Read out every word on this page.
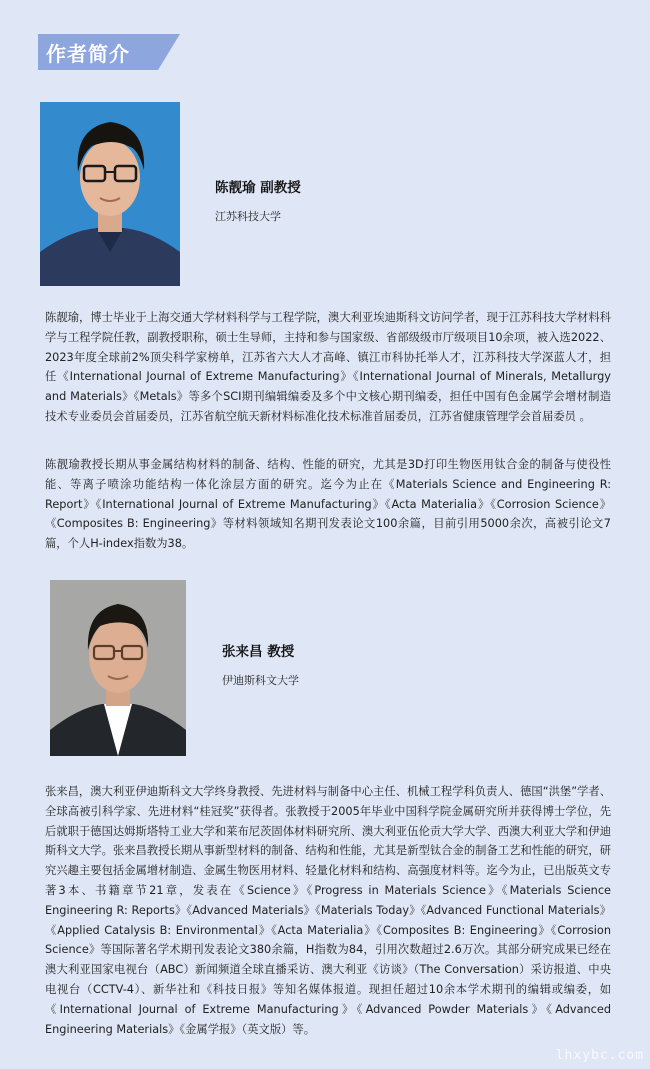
作者简介
陈靓瑜 副教授
江苏科技大学

陈靓瑜，博士毕业于上海交通大学材料科学与工程学院，澳大利亚埃迪斯科文访问学者，现于江苏科技大学材料科学与工程学院任教，副教授职称，硕士生导师，主持和参与国家级、省部级级市厅级项目10余项，被入选2022、2023年度全球前2%顶尖科学家榜单，江苏省六大人才高峰、镇江市科协托举人才，江苏科技大学深蓝人才，担任《International Journal of Extreme Manufacturing》《International Journal of Minerals, Metallurgy and Materials》《Metals》等多个SCI期刊编辑编委及多个中文核心期刊编委，担任中国有色金属学会增材制造技术专业委员会首届委员，江苏省航空航天新材料标准化技术标准首届委员，江苏省健康管理学会首届委员 。

陈靓瑜教授长期从事金属结构材料的制备、结构、性能的研究，尤其是3D打印生物医用钛合金的制备与使役性能、等离子喷涂功能结构一体化涂层方面的研究。迄今为止在《Materials Science and Engineering R: Report》《International Journal of Extreme Manufacturing》《Acta Materialia》《Corrosion Science》《Composites B: Engineering》等材料领域知名期刊发表论文100余篇，目前引用5000余次，高被引论文7篇，个人H-index指数为38。

张来昌 教授
伊迪斯科文大学

张来昌，澳大利亚伊迪斯科文大学终身教授、先进材料与制备中心主任、机械工程学科负责人、德国“洪堡”学者、全球高被引科学家、先进材料“桂冠奖”获得者。张教授于2005年毕业中国科学院金属研究所并获得博士学位，先后就职于德国达姆斯塔特工业大学和莱布尼茨固体材料研究所、澳大利亚伍伦贡大学大学、西澳大利亚大学和伊迪斯科文大学。张来昌教授长期从事新型材料的制备、结构和性能，尤其是新型钛合金的制备工艺和性能的研究，研究兴趣主要包括金属增材制造、金属生物医用材料、轻量化材料和结构、高强度材料等。迄今为止，已出版英文专著3本、书籍章节21章，发表在《Science》《Progress in Materials Science》《Materials Science Engineering R: Reports》《Advanced Materials》《Materials Today》《Advanced Functional Materials》《Applied Catalysis B: Environmental》《Acta Materialia》《Composites B: Engineering》《Corrosion Science》等国际著名学术期刊发表论文380余篇，H指数为84，引用次数超过2.6万次。其部分研究成果已经在澳大利亚国家电视台（ABC）新闻频道全球直播采访、澳大利亚《访谈》（The Conversation）采访报道、中央电视台（CCTV-4）、新华社和《科技日报》等知名媒体报道。现担任超过10余本学术期刊的编辑或编委，如《International Journal of Extreme Manufacturing》《Advanced Powder Materials》《Advanced Engineering Materials》《金属学报》（英文版）等。

lhxybc.com
